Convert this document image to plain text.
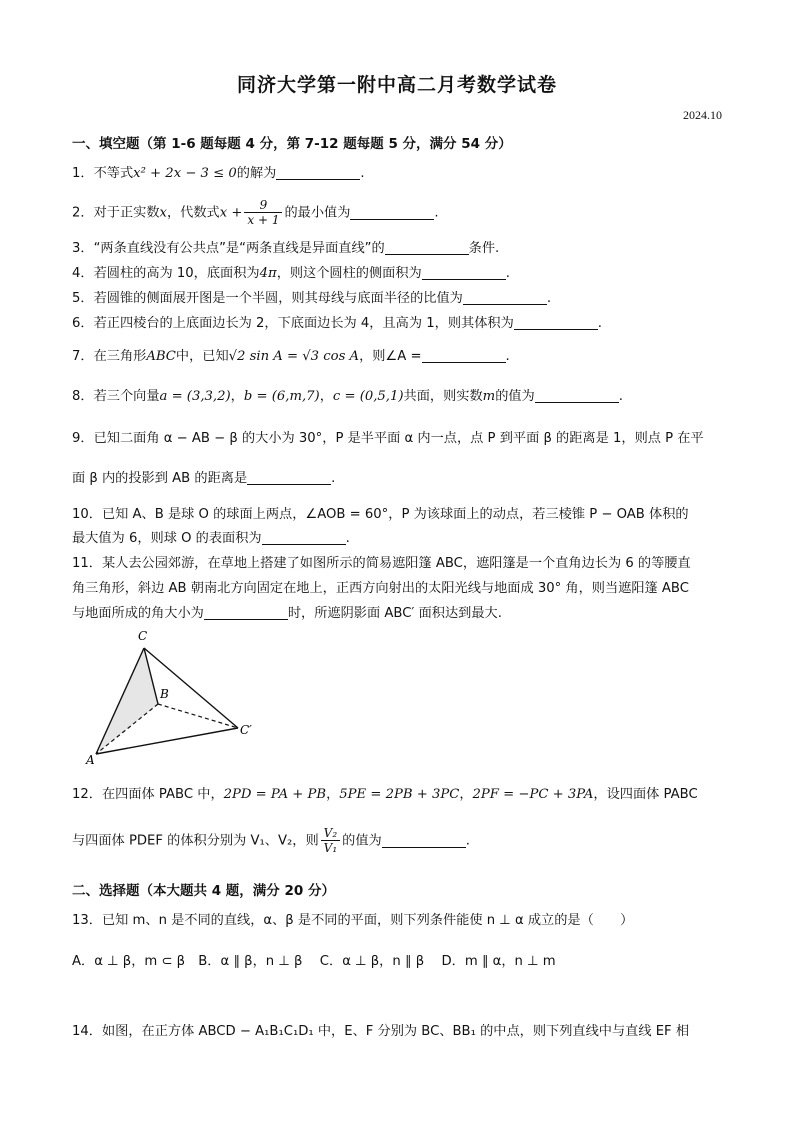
同济大学第一附中高二月考数学试卷
2024.10
一、填空题（第 1-6 题每题 4 分，第 7-12 题每题 5 分，满分 54 分）
1．不等式x² + 2x − 3 ≤ 0的解为	.
2．对于正实数x，代数式$x + \frac{9}{x + 1}$ 的最小值为	.
3．“两条直线没有公共点”是“两条直线是异面直线”的	条件.
4．若圆柱的高为 10，底面积为4π，则这个圆柱的侧面积为	.
5．若圆锥的侧面展开图是一个半圆，则其母线与底面半径的比值为	.
6．若正四棱台的上底面边长为 2，下底面边长为 4，且高为 1，则其体积为	.
7．在三角形ABC中，已知√2 sin A = √3 cos A，则∠A =	.
8．若三个向量a = (3,3,2)，b = (6,m,7)，c = (0,5,1)共面，则实数m的值为	.
9．已知二面角 α − AB − β 的大小为 30°，P 是半平面 α 内一点，点 P 到平面 β 的距离是 1，则点 P 在平
面 β 内的投影到 AB 的距离是	.
10．已知 A、B 是球 O 的球面上两点，∠AOB = 60°，P 为该球面上的动点，若三棱锥 P − OAB 体积的
最大值为 6，则球 O 的表面积为	.
11．某人去公园郊游，在草地上搭建了如图所示的简易遮阳篷 ABC，遮阳篷是一个直角边长为 6 的等腰直
角三角形，斜边 AB 朝南北方向固定在地上，正西方向射出的太阳光线与地面成 30° 角，则当遮阳篷 ABC
与地面所成的角大小为	时，所遮阴影面 ABC′ 面积达到最大.
C
B
A
C′
12．在四面体 PABC 中，2PD = PA + PB，5PE = 2PB + 3PC，2PF = −PC + 3PA，设四面体 PABC
与四面体 PDEF 的体积分别为 V₁、V₂，则 $\frac{\text{V₂}}{\text{V₁}}$ 的值为	.
二、选择题（本大题共 4 题，满分 20 分）
13．已知 m、n 是不同的直线，α、β 是不同的平面，则下列条件能使 n ⊥ α 成立的是（　　）
A．α ⊥ β，m ⊂ β　B．α ∥ β，n ⊥ β　 C．α ⊥ β，n ∥ β　 D．m ∥ α，n ⊥ m
14．如图，在正方体 ABCD − A₁B₁C₁D₁ 中，E、F 分别为 BC、BB₁ 的中点，则下列直线中与直线 EF 相
